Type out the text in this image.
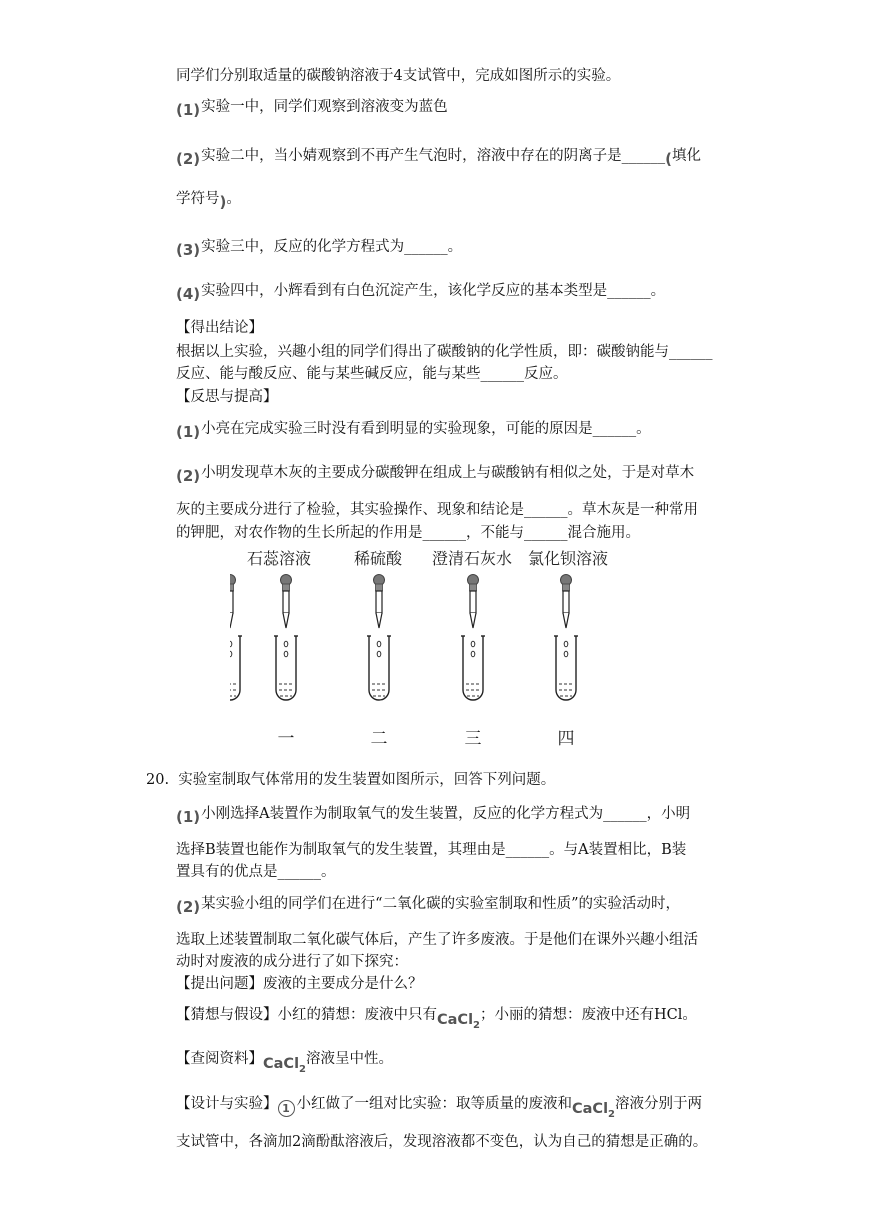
同学们分别取适量的碳酸钠溶液于4支试管中，完成如图所示的实验。
(1)实验一中，同学们观察到溶液变为蓝色
(2)实验二中，当小婧观察到不再产生气泡时，溶液中存在的阴离子是______(填化
学符号)。
(3)实验三中，反应的化学方程式为______。
(4)实验四中，小辉看到有白色沉淀产生，该化学反应的基本类型是______。
【得出结论】
根据以上实验，兴趣小组的同学们得出了碳酸钠的化学性质，即：碳酸钠能与______
反应、能与酸反应、能与某些碱反应，能与某些______反应。
【反思与提高】
(1)小亮在完成实验三时没有看到明显的实验现象，可能的原因是______。
(2)小明发现草木灰的主要成分碳酸钾在组成上与碳酸钠有相似之处，于是对草木
灰的主要成分进行了检验，其实验操作、现象和结论是______。草木灰是一种常用
的钾肥，对农作物的生长所起的作用是______，不能与______混合施用。
石蕊溶液	稀硫酸	澄清石灰水 氯化钡溶液
一	二	三	四
20. 实验室制取气体常用的发生装置如图所示，回答下列问题。
(1)小刚选择A装置作为制取氧气的发生装置，反应的化学方程式为______，小明
选择B装置也能作为制取氧气的发生装置，其理由是______。与A装置相比，B装
置具有的优点是______。
(2)某实验小组的同学们在进行“二氧化碳的实验室制取和性质”的实验活动时，
选取上述装置制取二氧化碳气体后，产生了许多废液。于是他们在课外兴趣小组活
动时对废液的成分进行了如下探究：
【提出问题】废液的主要成分是什么？
【猜想与假设】小红的猜想：废液中只有CaCl$_2$；小丽的猜想：废液中还有HCl。
【查阅资料】CaCl$_2$溶液呈中性。
【设计与实验】 1 小红做了一组对比实验：取等质量的废液和CaCl$_2$溶液分别于两
支试管中，各滴加2滴酚酞溶液后，发现溶液都不变色，认为自己的猜想是正确的。
